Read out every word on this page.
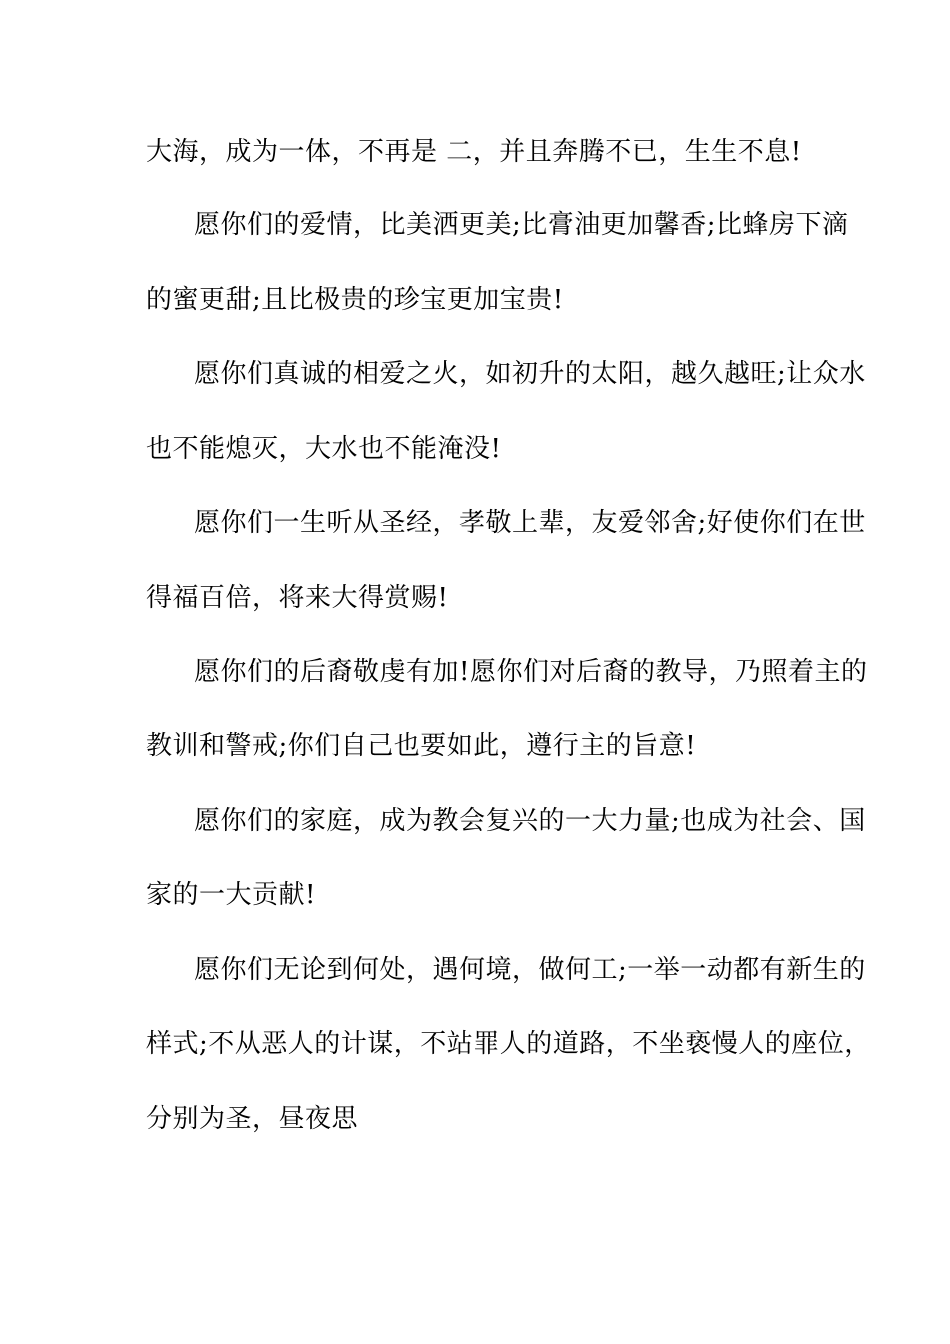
大海，成为一体，不再是 二，并且奔腾不已，生生不息!
愿你们的爱情，比美洒更美;比膏油更加馨香;比蜂房下滴
的蜜更甜;且比极贵的珍宝更加宝贵!
愿你们真诚的相爱之火，如初升的太阳，越久越旺;让众水
也不能熄灭，大水也不能淹没!
愿你们一生听从圣经，孝敬上辈，友爱邻舍;好使你们在世
得福百倍，将来大得赏赐!
愿你们的后裔敬虔有加!愿你们对后裔的教导，乃照着主的
教训和警戒;你们自己也要如此，遵行主的旨意!
愿你们的家庭，成为教会复兴的一大力量;也成为社会、国
家的一大贡献!
愿你们无论到何处，遇何境，做何工;一举一动都有新生的
样式;不从恶人的计谋，不站罪人的道路，不坐亵慢人的座位，
分别为圣，昼夜思
